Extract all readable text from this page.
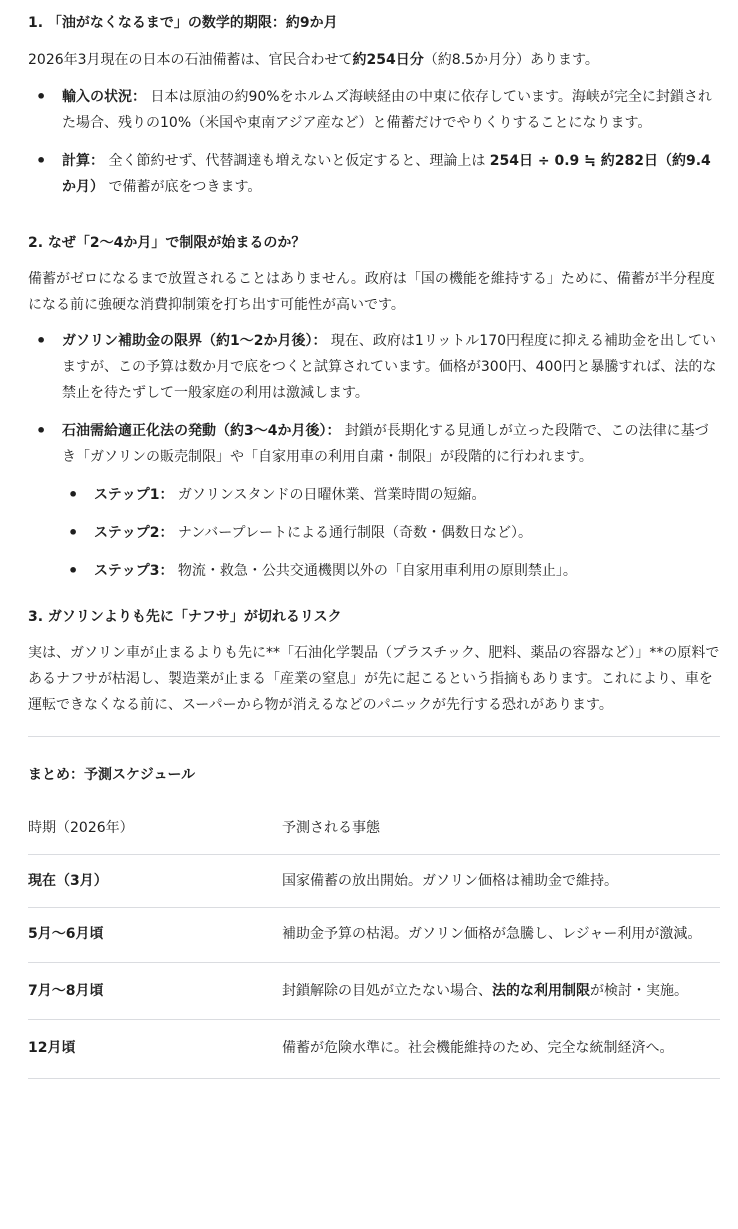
1. 「油がなくなるまで」の数学的期限：約9か月

2026年3月現在の日本の石油備蓄は、官民合わせて約254日分（約8.5か月分）あります。

• 輸入の状況： 日本は原油の約90%をホルムズ海峡経由の中東に依存しています。海峡が完全に封鎖された場合、残りの10%（米国や東南アジア産など）と備蓄だけでやりくりすることになります。
• 計算： 全く節約せず、代替調達も増えないと仮定すると、理論上は 254日 ÷ 0.9 ≒ 約282日（約9.4か月） で備蓄が底をつきます。
2. なぜ「2〜4か月」で制限が始まるのか？

備蓄がゼロになるまで放置されることはありません。政府は「国の機能を維持する」ために、備蓄が半分程度になる前に強硬な消費抑制策を打ち出す可能性が高いです。

• ガソリン補助金の限界（約1〜2か月後）： 現在、政府は1リットル170円程度に抑える補助金を出していますが、この予算は数か月で底をつくと試算されています。価格が300円、400円と暴騰すれば、法的な禁止を待たずして一般家庭の利用は激減します。
• 石油需給適正化法の発動（約3〜4か月後）： 封鎖が長期化する見通しが立った段階で、この法律に基づき「ガソリンの販売制限」や「自家用車の利用自粛・制限」が段階的に行われます。
• ステップ1： ガソリンスタンドの日曜休業、営業時間の短縮。
• ステップ2： ナンバープレートによる通行制限（奇数・偶数日など）。
• ステップ3： 物流・救急・公共交通機関以外の「自家用車利用の原則禁止」。
3. ガソリンよりも先に「ナフサ」が切れるリスク

実は、ガソリン車が止まるよりも先に**「石油化学製品（プラスチック、肥料、薬品の容器など）」**の原料であるナフサが枯渇し、製造業が止まる「産業の窒息」が先に起こるという指摘もあります。これにより、車を運転できなくなる前に、スーパーから物が消えるなどのパニックが先行する恐れがあります。

まとめ：予測スケジュール
時期（2026年）	予測される事態
現在（3月）	国家備蓄の放出開始。ガソリン価格は補助金で維持。
5月〜6月頃	補助金予算の枯渇。ガソリン価格が急騰し、レジャー利用が激減。
7月〜8月頃	封鎖解除の目処が立たない場合、法的な利用制限が検討・実施。
12月頃	備蓄が危険水準に。社会機能維持のため、完全な統制経済へ。
